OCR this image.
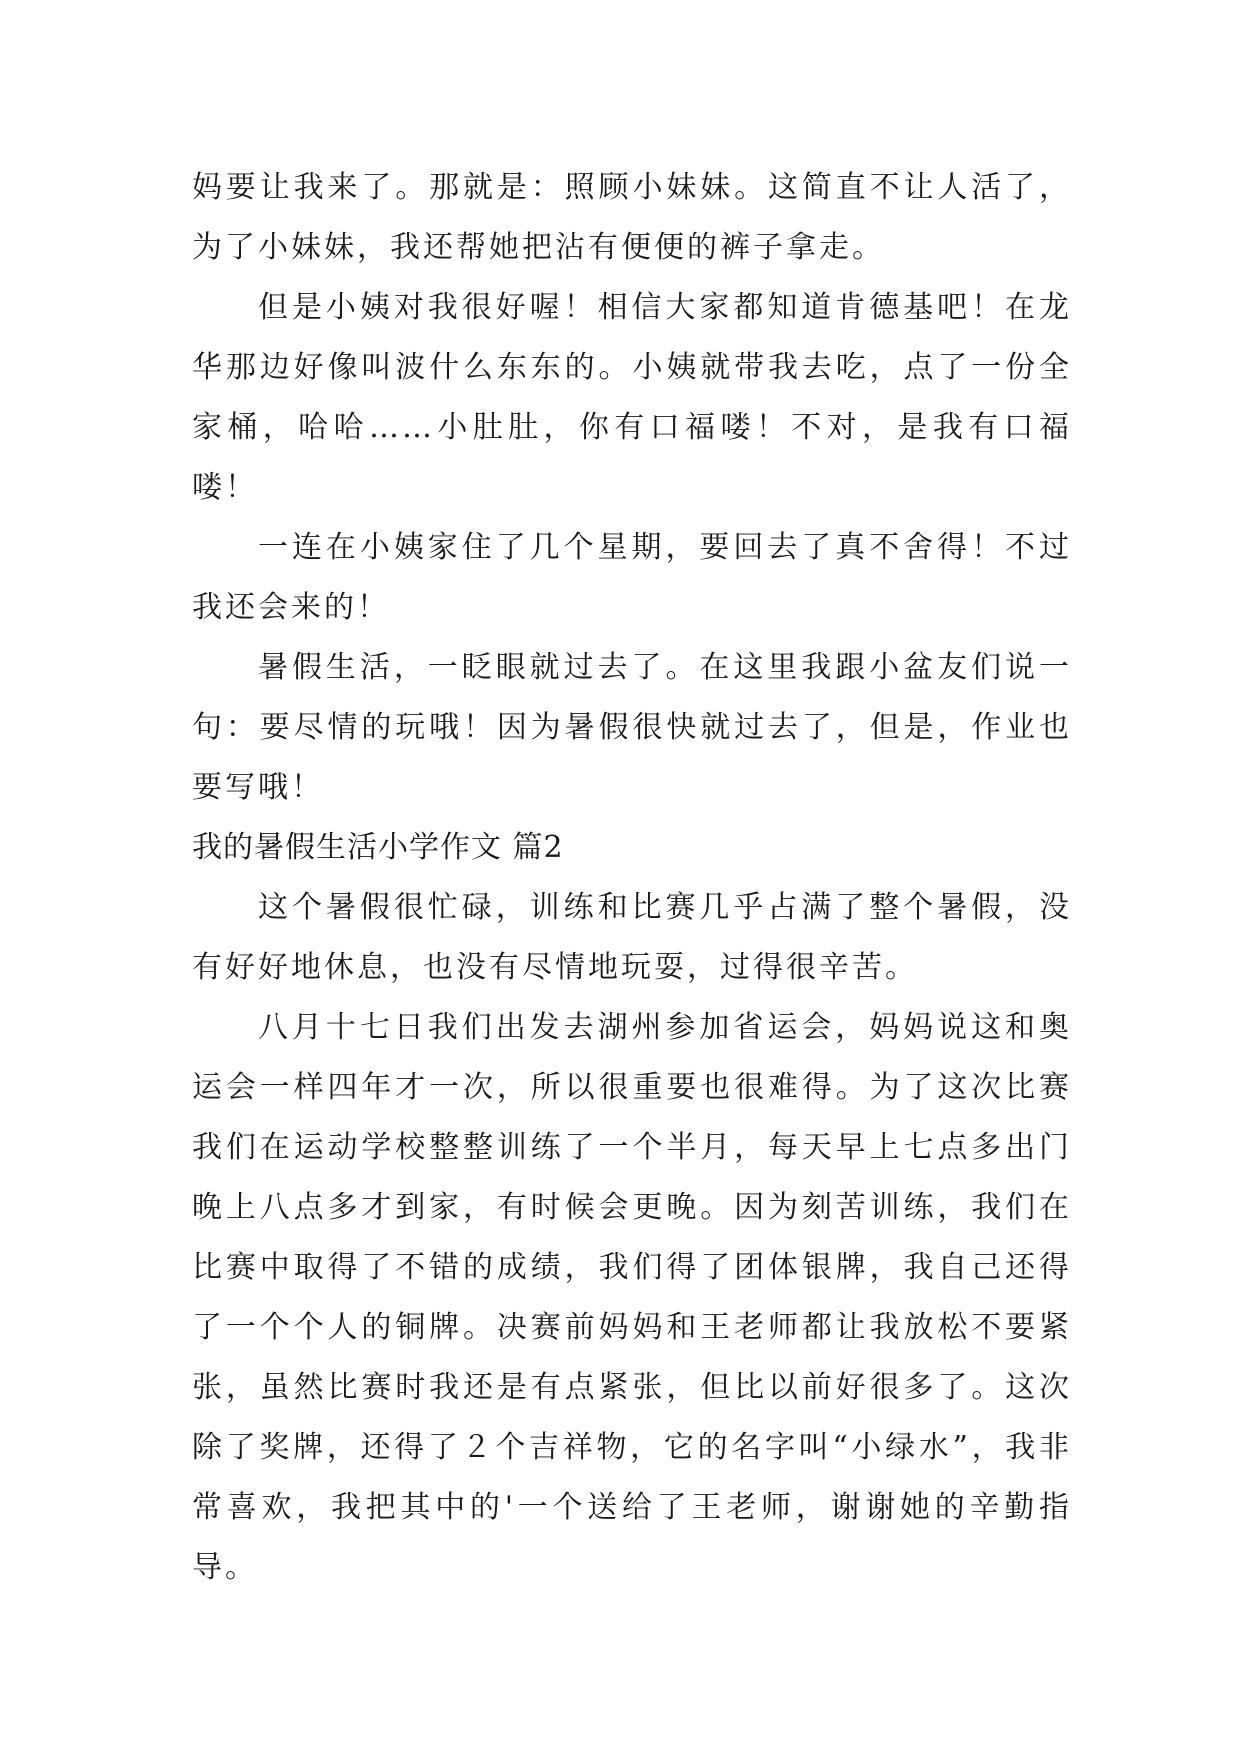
妈要让我来了。那就是：照顾小妹妹。这简直不让人活了，为了小妹妹，我还帮她把沾有便便的裤子拿走。

但是小姨对我很好喔！相信大家都知道肯德基吧！在龙华那边好像叫波什么东东的。小姨就带我去吃，点了一份全家桶，哈哈……小肚肚，你有口福喽！不对，是我有口福喽！

一连在小姨家住了几个星期，要回去了真不舍得！不过我还会来的！

暑假生活，一眨眼就过去了。在这里我跟小盆友们说一句：要尽情的玩哦！因为暑假很快就过去了，但是，作业也要写哦！

我的暑假生活小学作文 篇2

这个暑假很忙碌，训练和比赛几乎占满了整个暑假，没有好好地休息，也没有尽情地玩耍，过得很辛苦。

八月十七日我们出发去湖州参加省运会，妈妈说这和奥运会一样四年才一次，所以很重要也很难得。为了这次比赛我们在运动学校整整训练了一个半月，每天早上七点多出门晚上八点多才到家，有时候会更晚。因为刻苦训练，我们在比赛中取得了不错的成绩，我们得了团体银牌，我自己还得了一个个人的铜牌。决赛前妈妈和王老师都让我放松不要紧张，虽然比赛时我还是有点紧张，但比以前好很多了。这次除了奖牌，还得了２个吉祥物，它的名字叫“小绿水”，我非常喜欢，我把其中的'一个送给了王老师，谢谢她的辛勤指导。
